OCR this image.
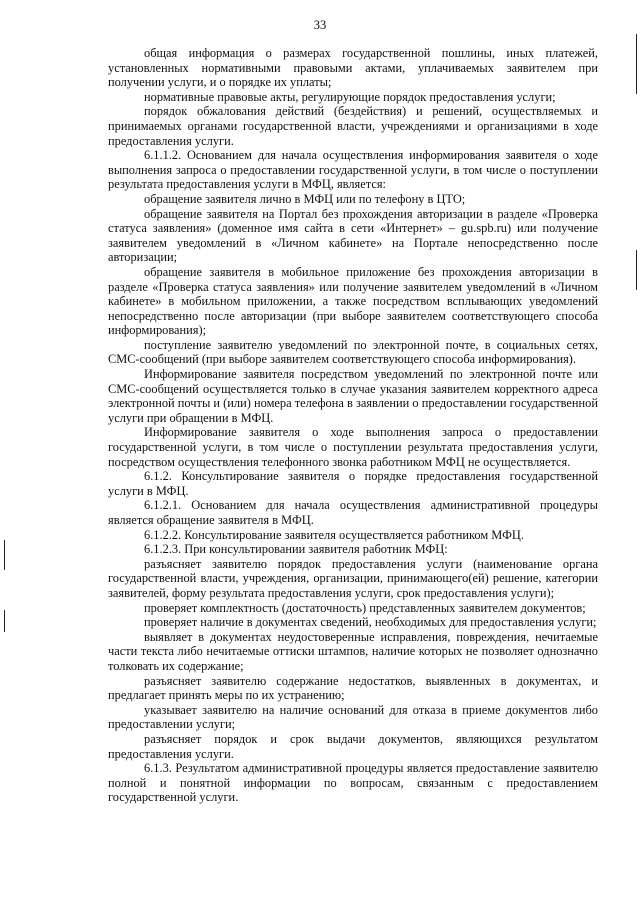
33

общая информация о размерах государственной пошлины, иных платежей, установленных нормативными правовыми актами, уплачиваемых заявителем при получении услуги, и о порядке их уплаты;

нормативные правовые акты, регулирующие порядок предоставления услуги;

порядок обжалования действий (бездействия) и решений, осуществляемых и принимаемых органами государственной власти, учреждениями и организациями в ходе предоставления услуги.

6.1.1.2. Основанием для начала осуществления информирования заявителя о ходе выполнения запроса о предоставлении государственной услуги, в том числе о поступлении результата предоставления услуги в МФЦ, является:

обращение заявителя лично в МФЦ или по телефону в ЦТО;

обращение заявителя на Портал без прохождения авторизации в разделе «Проверка статуса заявления» (доменное имя сайта в сети «Интернет» – gu.spb.ru) или получение заявителем уведомлений в «Личном кабинете» на Портале непосредственно после авторизации;

обращение заявителя в мобильное приложение без прохождения авторизации в разделе «Проверка статуса заявления» или получение заявителем уведомлений в «Личном кабинете» в мобильном приложении, а также посредством всплывающих уведомлений непосредственно после авторизации (при выборе заявителем соответствующего способа информирования);

поступление заявителю уведомлений по электронной почте, в социальных сетях, СМС-сообщений (при выборе заявителем соответствующего способа информирования).

Информирование заявителя посредством уведомлений по электронной почте или СМС-сообщений осуществляется только в случае указания заявителем корректного адреса электронной почты и (или) номера телефона в заявлении о предоставлении государственной услуги при обращении в МФЦ.

Информирование заявителя о ходе выполнения запроса о предоставлении государственной услуги, в том числе о поступлении результата предоставления услуги, посредством осуществления телефонного звонка работником МФЦ не осуществляется.

6.1.2. Консультирование заявителя о порядке предоставления государственной услуги в МФЦ.

6.1.2.1. Основанием для начала осуществления административной процедуры является обращение заявителя в МФЦ.

6.1.2.2. Консультирование заявителя осуществляется работником МФЦ.

6.1.2.3. При консультировании заявителя работник МФЦ:

разъясняет заявителю порядок предоставления услуги (наименование органа государственной власти, учреждения, организации, принимающего(ей) решение, категории заявителей, форму результата предоставления услуги, срок предоставления услуги);

проверяет комплектность (достаточность) представленных заявителем документов;

проверяет наличие в документах сведений, необходимых для предоставления услуги;

выявляет в документах неудостоверенные исправления, повреждения, нечитаемые части текста либо нечитаемые оттиски штампов, наличие которых не позволяет однозначно толковать их содержание;

разъясняет заявителю содержание недостатков, выявленных в документах, и предлагает принять меры по их устранению;

указывает заявителю на наличие оснований для отказа в приеме документов либо предоставлении услуги;

разъясняет порядок и срок выдачи документов, являющихся результатом предоставления услуги.

6.1.3. Результатом административной процедуры является предоставление заявителю полной и понятной информации по вопросам, связанным с предоставлением государственной услуги.
